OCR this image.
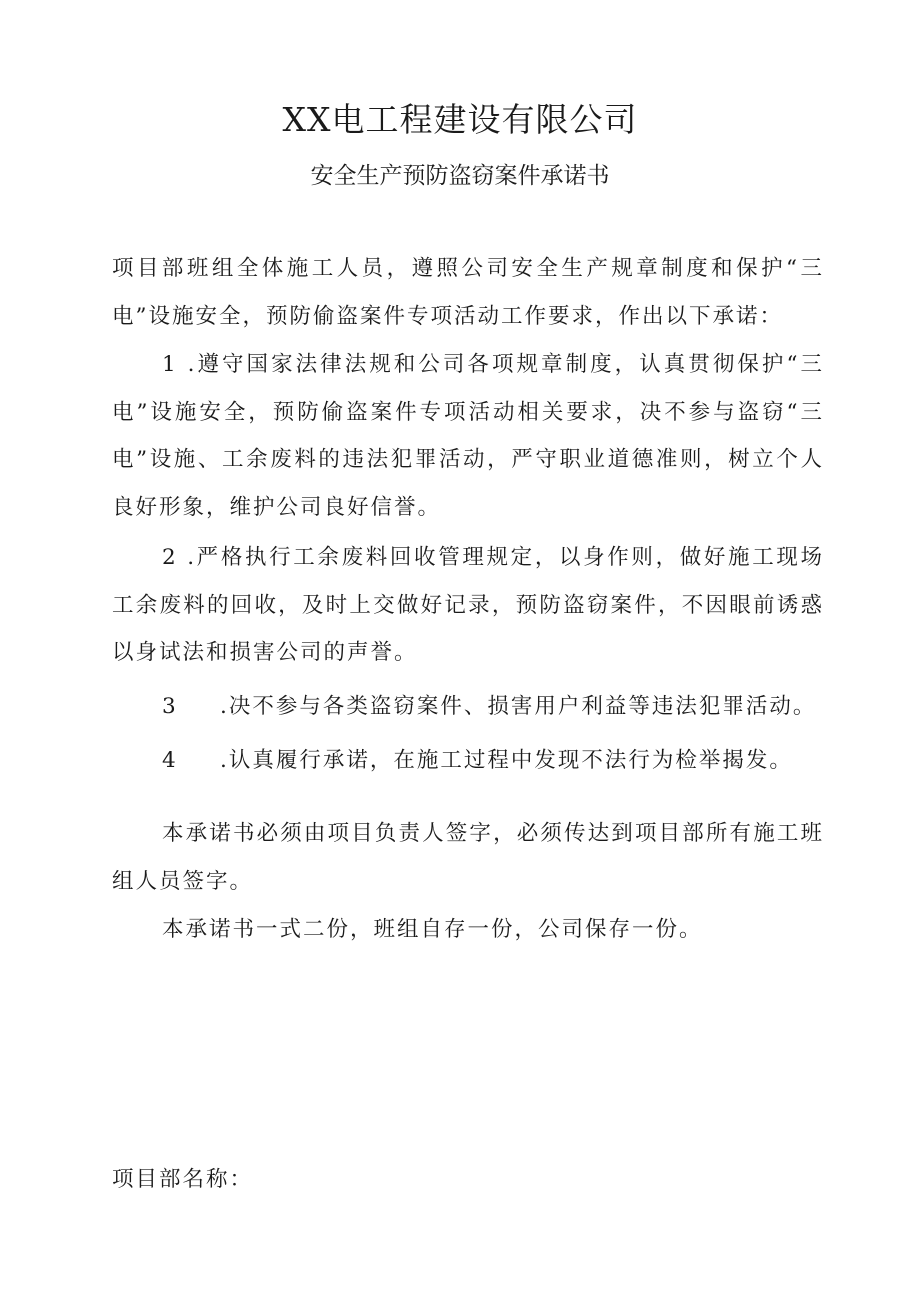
XX电工程建设有限公司
安全生产预防盗窃案件承诺书

项目部班组全体施工人员，遵照公司安全生产规章制度和保护“三电”设施安全，预防偷盗案件专项活动工作要求，作出以下承诺：

1 .遵守国家法律法规和公司各项规章制度，认真贯彻保护“三电”设施安全，预防偷盗案件专项活动相关要求，决不参与盗窃“三电”设施、工余废料的违法犯罪活动，严守职业道德准则，树立个人良好形象，维护公司良好信誉。

2 .严格执行工余废料回收管理规定，以身作则，做好施工现场工余废料的回收，及时上交做好记录，预防盗窃案件，不因眼前诱惑以身试法和损害公司的声誉。

3 .决不参与各类盗窃案件、损害用户利益等违法犯罪活动。
4 .认真履行承诺，在施工过程中发现不法行为检举揭发。

本承诺书必须由项目负责人签字，必须传达到项目部所有施工班组人员签字。

本承诺书一式二份，班组自存一份，公司保存一份。

项目部名称：
